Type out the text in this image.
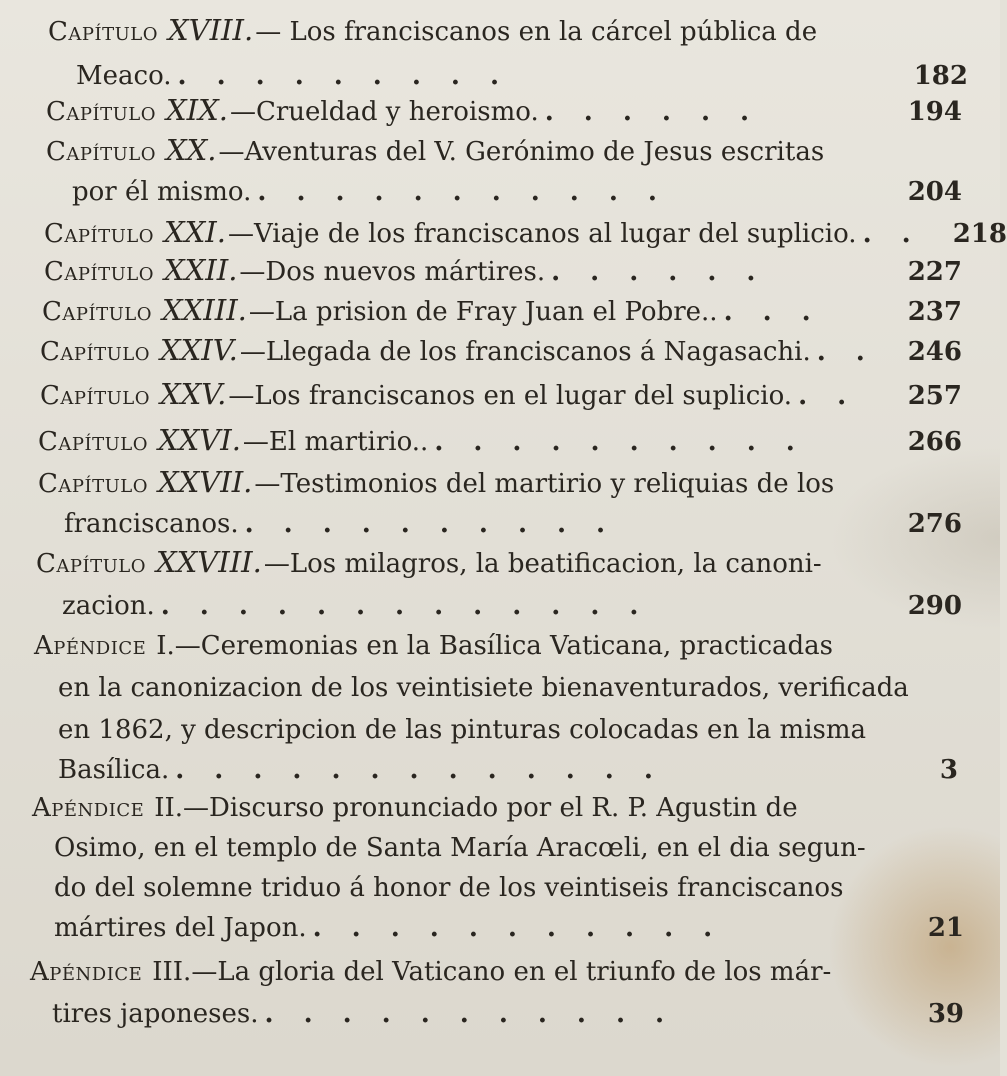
Capítulo XVIII. — Los franciscanos en la cárcel pública de
Meaco. .........	182
Capítulo XIX. —Crueldad y heroismo. ......	194
Capítulo XX. —Aventuras del V. Gerónimo de Jesus escritas
por él mismo. ...........	204
Capítulo XXI. —Viaje de los franciscanos al lugar del suplicio. .. 218
Capítulo XXII. —Dos nuevos mártires. ......	227
Capítulo XXIII. —La prision de Fray Juan el Pobre.. ...	237
Capítulo XXIV. —Llegada de los franciscanos á Nagasachi. .. 246
Capítulo XXV. —Los franciscanos en el lugar del suplicio. ..	257
Capítulo XXVI. —El martirio.. ..........	266
Capítulo XXVII. —Testimonios del martirio y reliquias de los
franciscanos. ..........	276
Capítulo XXVIII. —Los milagros, la beatificacion, la canoni-
zacion. .............	290
Apéndice I. —Ceremonias en la Basílica Vaticana, practicadas
en la canonizacion de los veintisiete bienaventurados, verificada
en 1862, y descripcion de las pinturas colocadas en la misma
Basílica. .............	3
Apéndice II. —Discurso pronunciado por el R. P. Agustin de
Osimo, en el templo de Santa María Aracœli, en el dia segun-
do del solemne triduo á honor de los veintiseis franciscanos
mártires del Japon. ...........	21
Apéndice III. —La gloria del Vaticano en el triunfo de los már-
tires japoneses. ...........	39
